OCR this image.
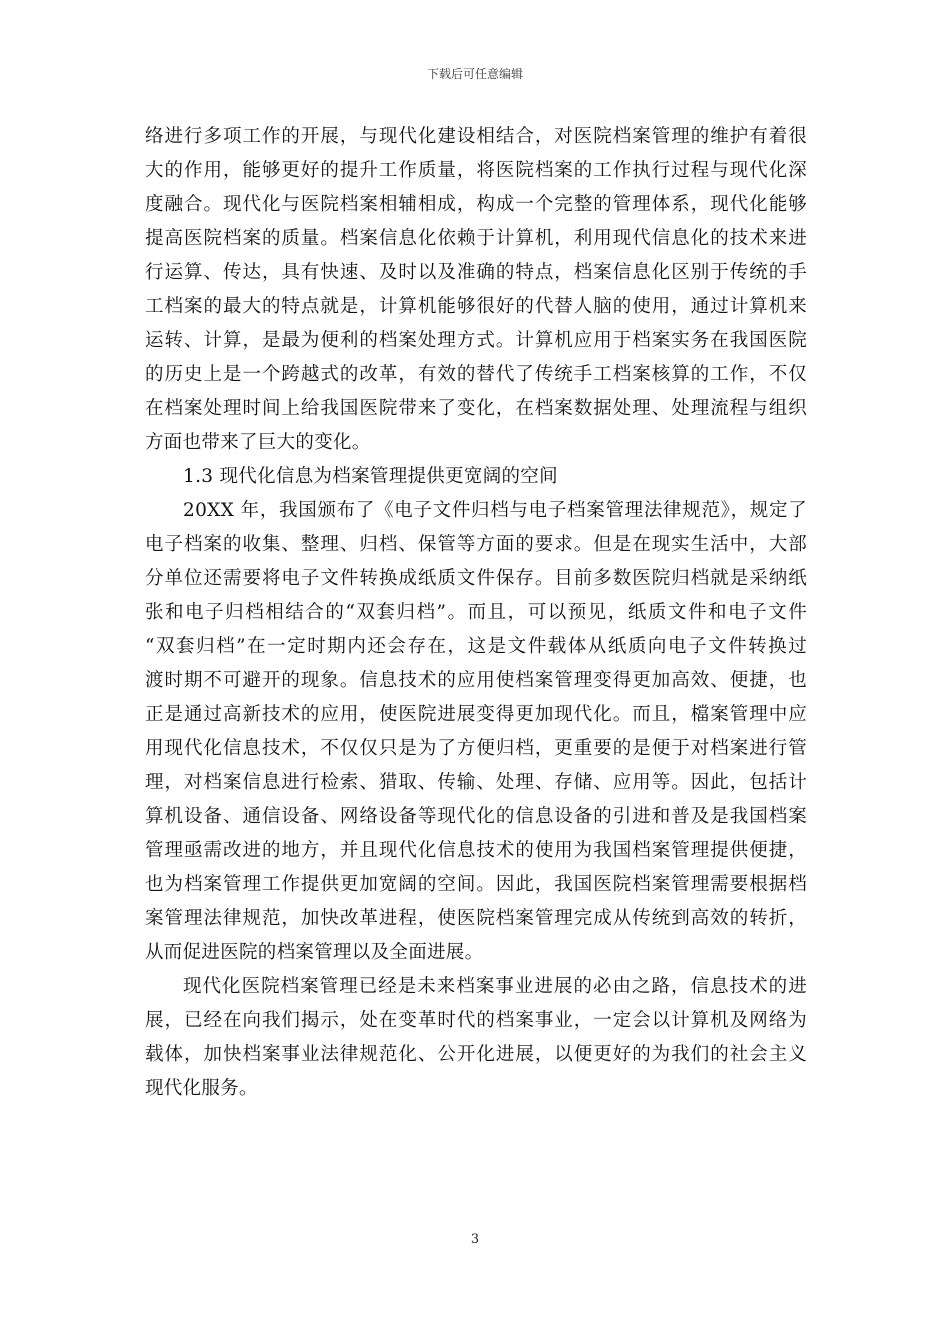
下载后可任意编辑

络进行多项工作的开展，与现代化建设相结合，对医院档案管理的维护有着很
大的作用，能够更好的提升工作质量，将医院档案的工作执行过程与现代化深
度融合。现代化与医院档案相辅相成，构成一个完整的管理体系，现代化能够
提高医院档案的质量。档案信息化依赖于计算机，利用现代信息化的技术来进
行运算、传达，具有快速、及时以及准确的特点，档案信息化区别于传统的手
工档案的最大的特点就是，计算机能够很好的代替人脑的使用，通过计算机来
运转、计算，是最为便利的档案处理方式。计算机应用于档案实务在我国医院
的历史上是一个跨越式的改革，有效的替代了传统手工档案核算的工作，不仅
在档案处理时间上给我国医院带来了变化，在档案数据处理、处理流程与组织
方面也带来了巨大的变化。

1.3 现代化信息为档案管理提供更宽阔的空间

20XX 年，我国颁布了《电子文件归档与电子档案管理法律规范》，规定了
电子档案的收集、整理、归档、保管等方面的要求。但是在现实生活中，大部
分单位还需要将电子文件转换成纸质文件保存。目前多数医院归档就是采纳纸
张和电子归档相结合的“双套归档”。而且，可以预见，纸质文件和电子文件
“双套归档”在一定时期内还会存在，这是文件载体从纸质向电子文件转换过
渡时期不可避开的现象。信息技术的应用使档案管理变得更加高效、便捷，也
正是通过高新技术的应用，使医院进展变得更加现代化。而且，檔案管理中应
用现代化信息技术，不仅仅只是为了方便归档，更重要的是便于对档案进行管
理，对档案信息进行检索、猎取、传输、处理、存储、应用等。因此，包括计
算机设备、通信设备、网络设备等现代化的信息设备的引进和普及是我国档案
管理亟需改进的地方，并且现代化信息技术的使用为我国档案管理提供便捷，
也为档案管理工作提供更加宽阔的空间。因此，我国医院档案管理需要根据档
案管理法律规范，加快改革进程，使医院档案管理完成从传统到高效的转折，
从而促进医院的档案管理以及全面进展。

现代化医院档案管理已经是未来档案事业进展的必由之路，信息技术的进
展，已经在向我们揭示，处在变革时代的档案事业，一定会以计算机及网络为
载体，加快档案事业法律规范化、公开化进展，以便更好的为我们的社会主义
现代化服务。

3
